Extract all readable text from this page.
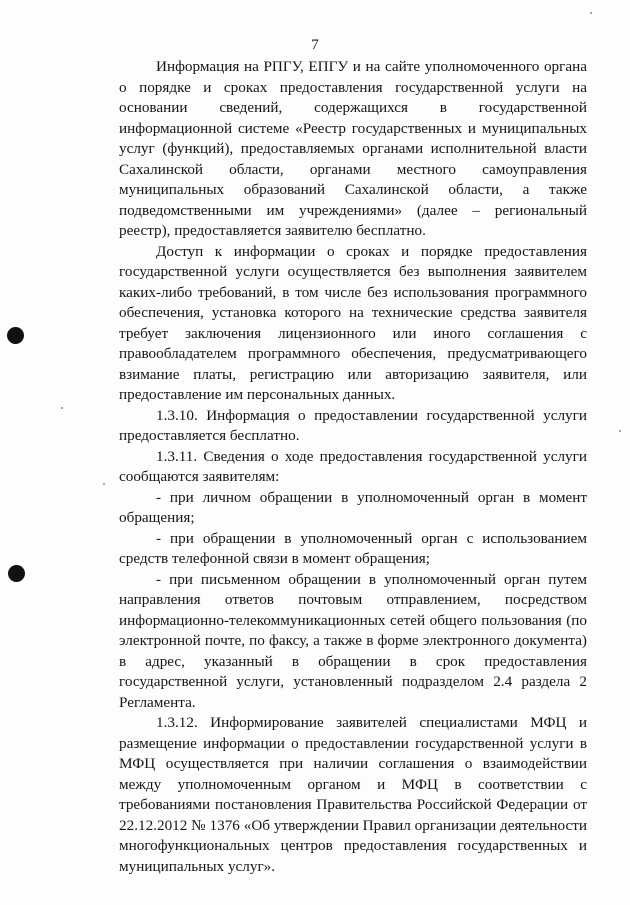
7

Информация на РПГУ, ЕПГУ и на сайте уполномоченного органа о порядке и сроках предоставления государственной услуги на основании сведений, содержащихся в государственной информационной системе «Реестр государственных и муниципальных услуг (функций), предоставляемых органами исполнительной власти Сахалинской области, органами местного самоуправления муниципальных образований Сахалинской области, а также подведомственными им учреждениями» (далее – региональный реестр), предоставляется заявителю бесплатно.

Доступ к информации о сроках и порядке предоставления государственной услуги осуществляется без выполнения заявителем каких-либо требований, в том числе без использования программного обеспечения, установка которого на технические средства заявителя требует заключения лицензионного или иного соглашения с правообладателем программного обеспечения, предусматривающего взимание платы, регистрацию или авторизацию заявителя, или предоставление им персональных данных.

1.3.10. Информация о предоставлении государственной услуги предоставляется бесплатно.

1.3.11. Сведения о ходе предоставления государственной услуги сообщаются заявителям:

- при личном обращении в уполномоченный орган в момент обращения;

- при обращении в уполномоченный орган с использованием средств телефонной связи в момент обращения;

- при письменном обращении в уполномоченный орган путем направления ответов почтовым отправлением, посредством информационно-телекоммуникационных сетей общего пользования (по электронной почте, по факсу, а также в форме электронного документа) в адрес, указанный в обращении в срок предоставления государственной услуги, установленный подразделом 2.4 раздела 2 Регламента.

1.3.12. Информирование заявителей специалистами МФЦ и размещение информации о предоставлении государственной услуги в МФЦ осуществляется при наличии соглашения о взаимодействии между уполномоченным органом и МФЦ в соответствии с требованиями постановления Правительства Российской Федерации от 22.12.2012 № 1376 «Об утверждении Правил организации деятельности многофункциональных центров предоставления государственных и муниципальных услуг».
